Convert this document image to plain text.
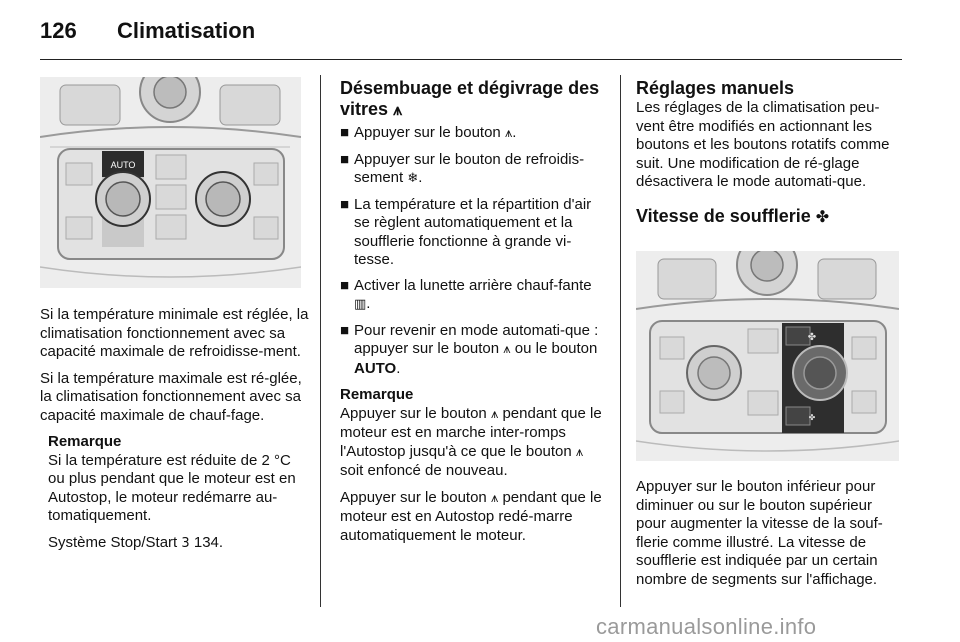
126 Climatisation
AUTO

Si la température minimale est réglée, la climatisation fonctionnement avec sa capacité maximale de refroidisse-ment.

Si la température maximale est ré-glée, la climatisation fonctionnement avec sa capacité maximale de chauf-fage.

Remarque

Si la température est réduite de 2 °C ou plus pendant que le moteur est en Autostop, le moteur redémarre au-tomatiquement.

Système Stop/Start 3 134.

Désembuage et dégivrage des vitres ⩚
■ Appuyer sur le bouton ⩚.
■ Appuyer sur le bouton de refroidis-sement ❄.
■ La température et la répartition d'air se règlent automatiquement et la soufflerie fonctionne à grande vi-tesse.
■ Activer la lunette arrière chauf-fante ▥.
■ Pour revenir en mode automati-que : appuyer sur le bouton ⩚ ou le bouton AUTO.
Remarque

Appuyer sur le bouton ⩚ pendant que le moteur est en marche inter-romps l'Autostop jusqu'à ce que le bouton ⩚ soit enfoncé de nouveau.

Appuyer sur le bouton ⩚ pendant que le moteur est en Autostop redé-marre automatiquement le moteur.

Réglages manuels

Les réglages de la climatisation peu-vent être modifiés en actionnant les boutons et les boutons rotatifs comme suit. Une modification de ré-glage désactivera le mode automati-que.

Vitesse de soufflerie ✤
✤
✤

Appuyer sur le bouton inférieur pour diminuer ou sur le bouton supérieur pour augmenter la vitesse de la souf-flerie comme illustré. La vitesse de soufflerie est indiquée par un certain nombre de segments sur l'affichage.

carmanualsonline.info
